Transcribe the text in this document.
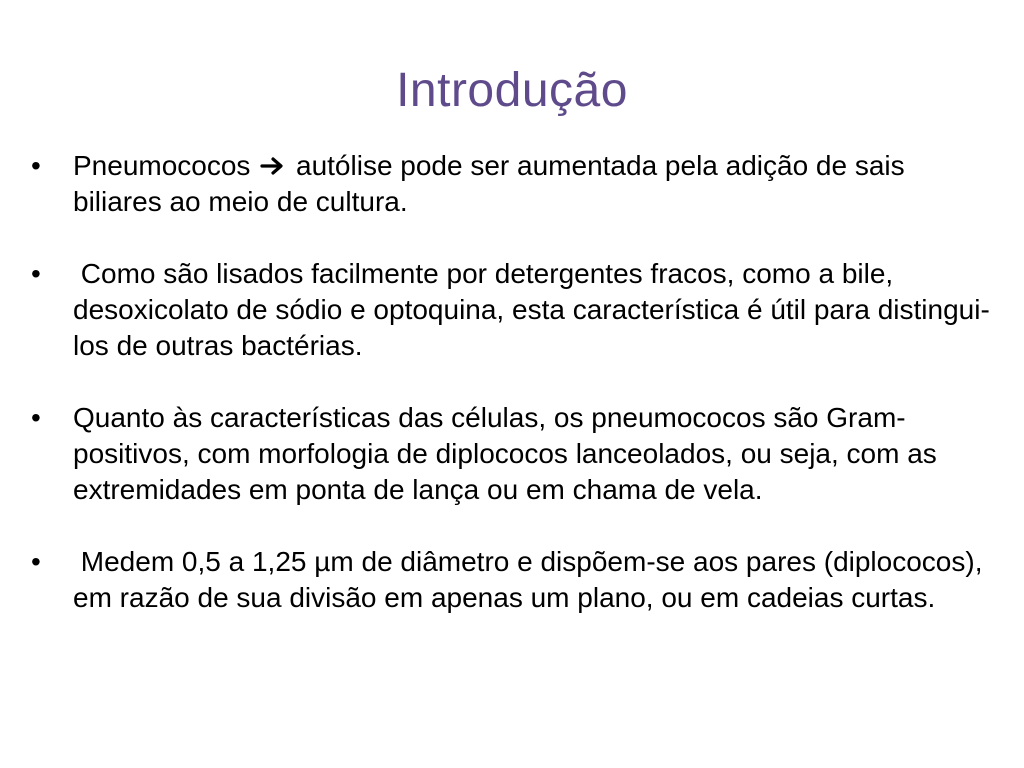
Introdução
• Pneumococos autólise pode ser aumentada pela adição de sais biliares ao meio de cultura.
• Como são lisados facilmente por detergentes fracos, como a bile, desoxicolato de sódio e optoquina, esta característica é útil para distingui-los de outras bactérias.
• Quanto às características das células, os pneumococos são Gram-positivos, com morfologia de diplococos lanceolados, ou seja, com as extremidades em ponta de lança ou em chama de vela.
• Medem 0,5 a 1,25 µm de diâmetro e dispõem-se aos pares (diplococos), em razão de sua divisão em apenas um plano, ou em cadeias curtas.
